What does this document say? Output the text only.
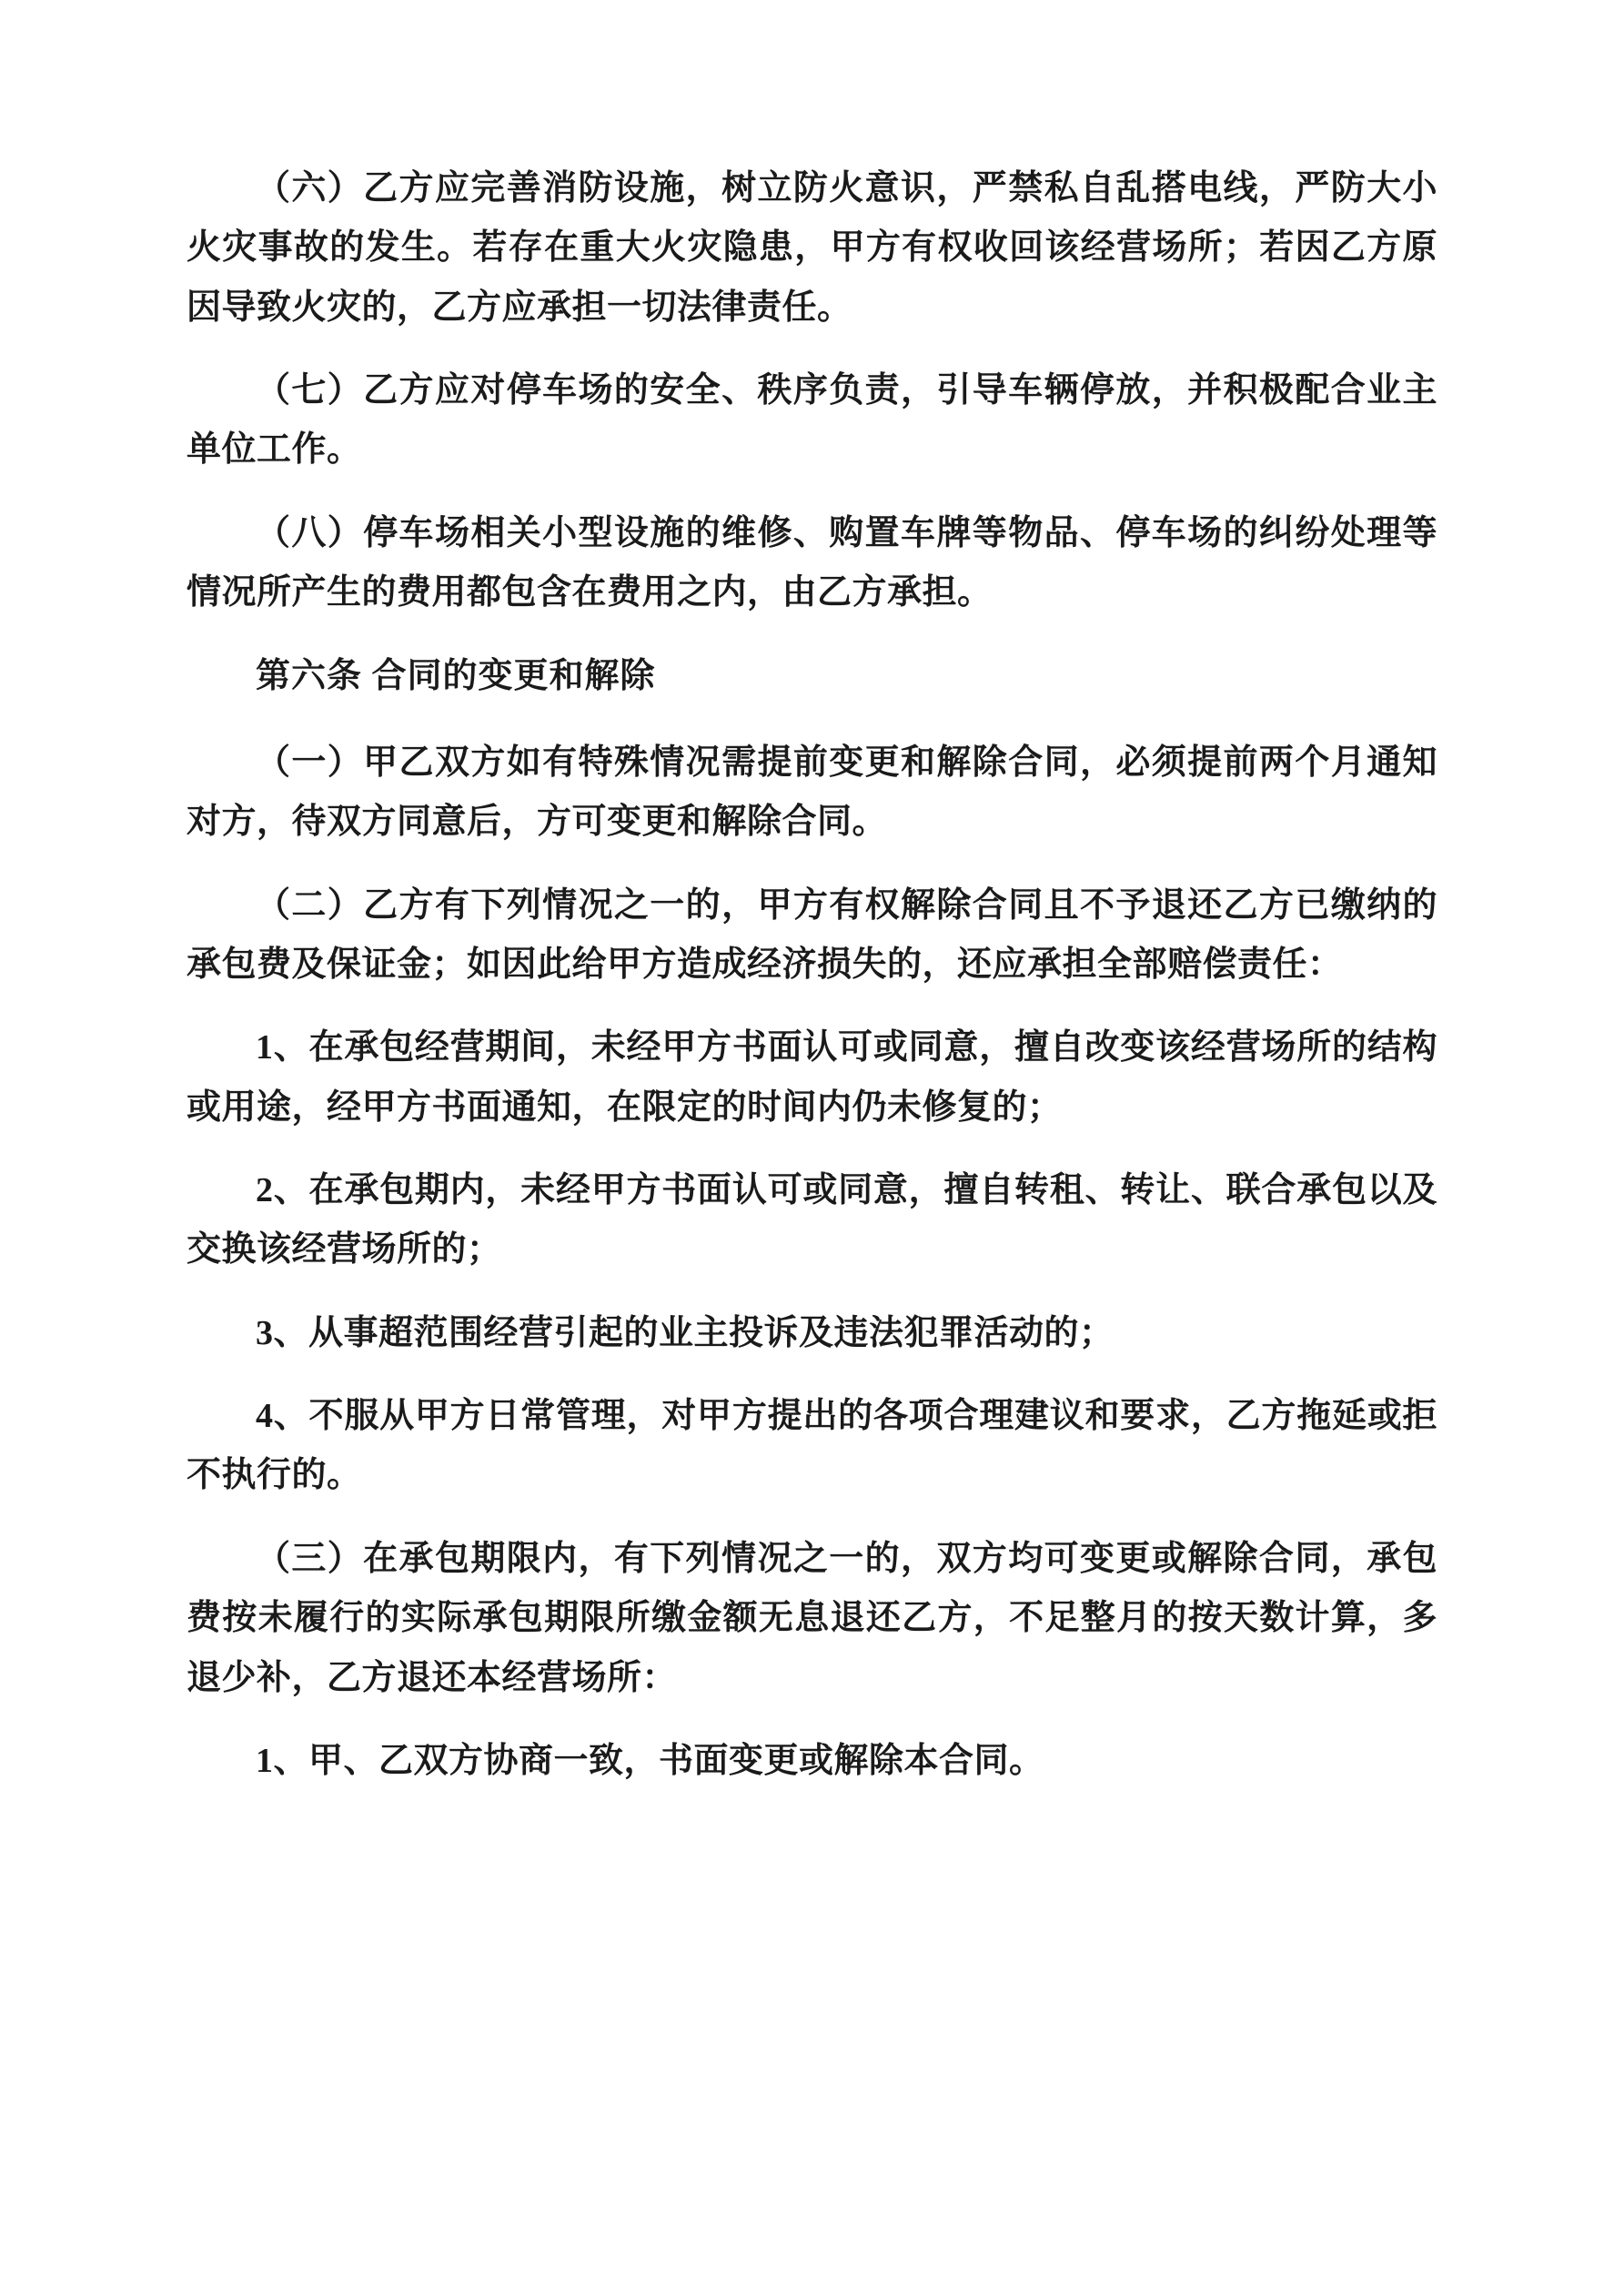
（六）乙方应完善消防设施，树立防火意识，严禁私自乱搭电线，严防大小火灾事故的发生。若存在重大火灾隐患，甲方有权收回该经营场所；若因乙方原因导致火灾的，乙方应承担一切法律责任。

（七）乙方应对停车场的安全、秩序负责，引导车辆停放，并积极配合业主单位工作。

（八）停车场相关小型设施的维修、购置车牌等物品、停车场的纠纷处理等情况所产生的费用都包含在费用之内，由乙方承担。

第六条 合同的变更和解除

（一）甲乙双方如有特殊情况需提前变更和解除合同，必须提前两个月通知对方，待双方同意后，方可变更和解除合同。

（二）乙方有下列情况之一的，甲方有权解除合同且不予退还乙方已缴纳的承包费及保证金；如因此给甲方造成经济损失的，还应承担全部赔偿责任：

1、在承包经营期间，未经甲方书面认可或同意，擅自改变该经营场所的结构或用途，经甲方书面通知，在限定的时间内仍未修复的；

2、在承包期内，未经甲方书面认可或同意，擅自转租、转让、联合承包以及交换该经营场所的；

3、从事超范围经营引起的业主投诉及违法犯罪活动的；

4、不服从甲方日常管理，对甲方提出的各项合理建议和要求，乙方拖延或拒不执行的。

（三）在承包期限内，有下列情况之一的，双方均可变更或解除合同，承包费按未履行的实际承包期限所缴金额无息退还乙方，不足整月的按天数计算，多退少补，乙方退还本经营场所：

1、甲、乙双方协商一致，书面变更或解除本合同。
